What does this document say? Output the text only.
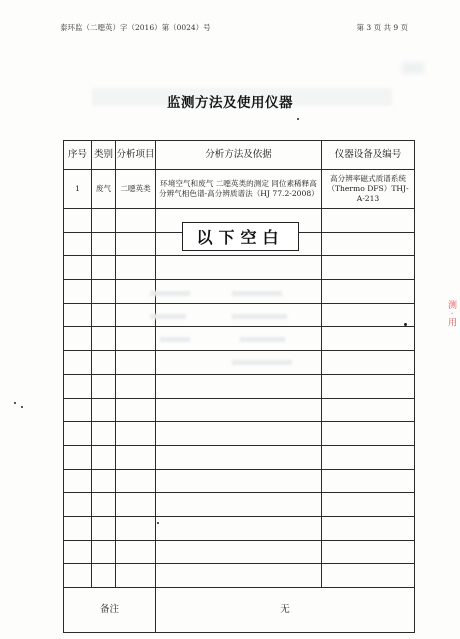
泰环监（二噁英）字（2016）第（0024）号	第 3 页 共 9 页
监测方法及使用仪器
序号	类别	分析项目	分析方法及依据	仪器设备及编号
1	废气	二噁英类	环境空气和废气 二噁英类的测定 同位素稀释高分辨气相色谱-高分辨质谱法（HJ 77.2-2008）	高分辨率磁式质谱系统（Thermo DFS）THJ-A-213

备注			无	
以下空白
测 · 用
